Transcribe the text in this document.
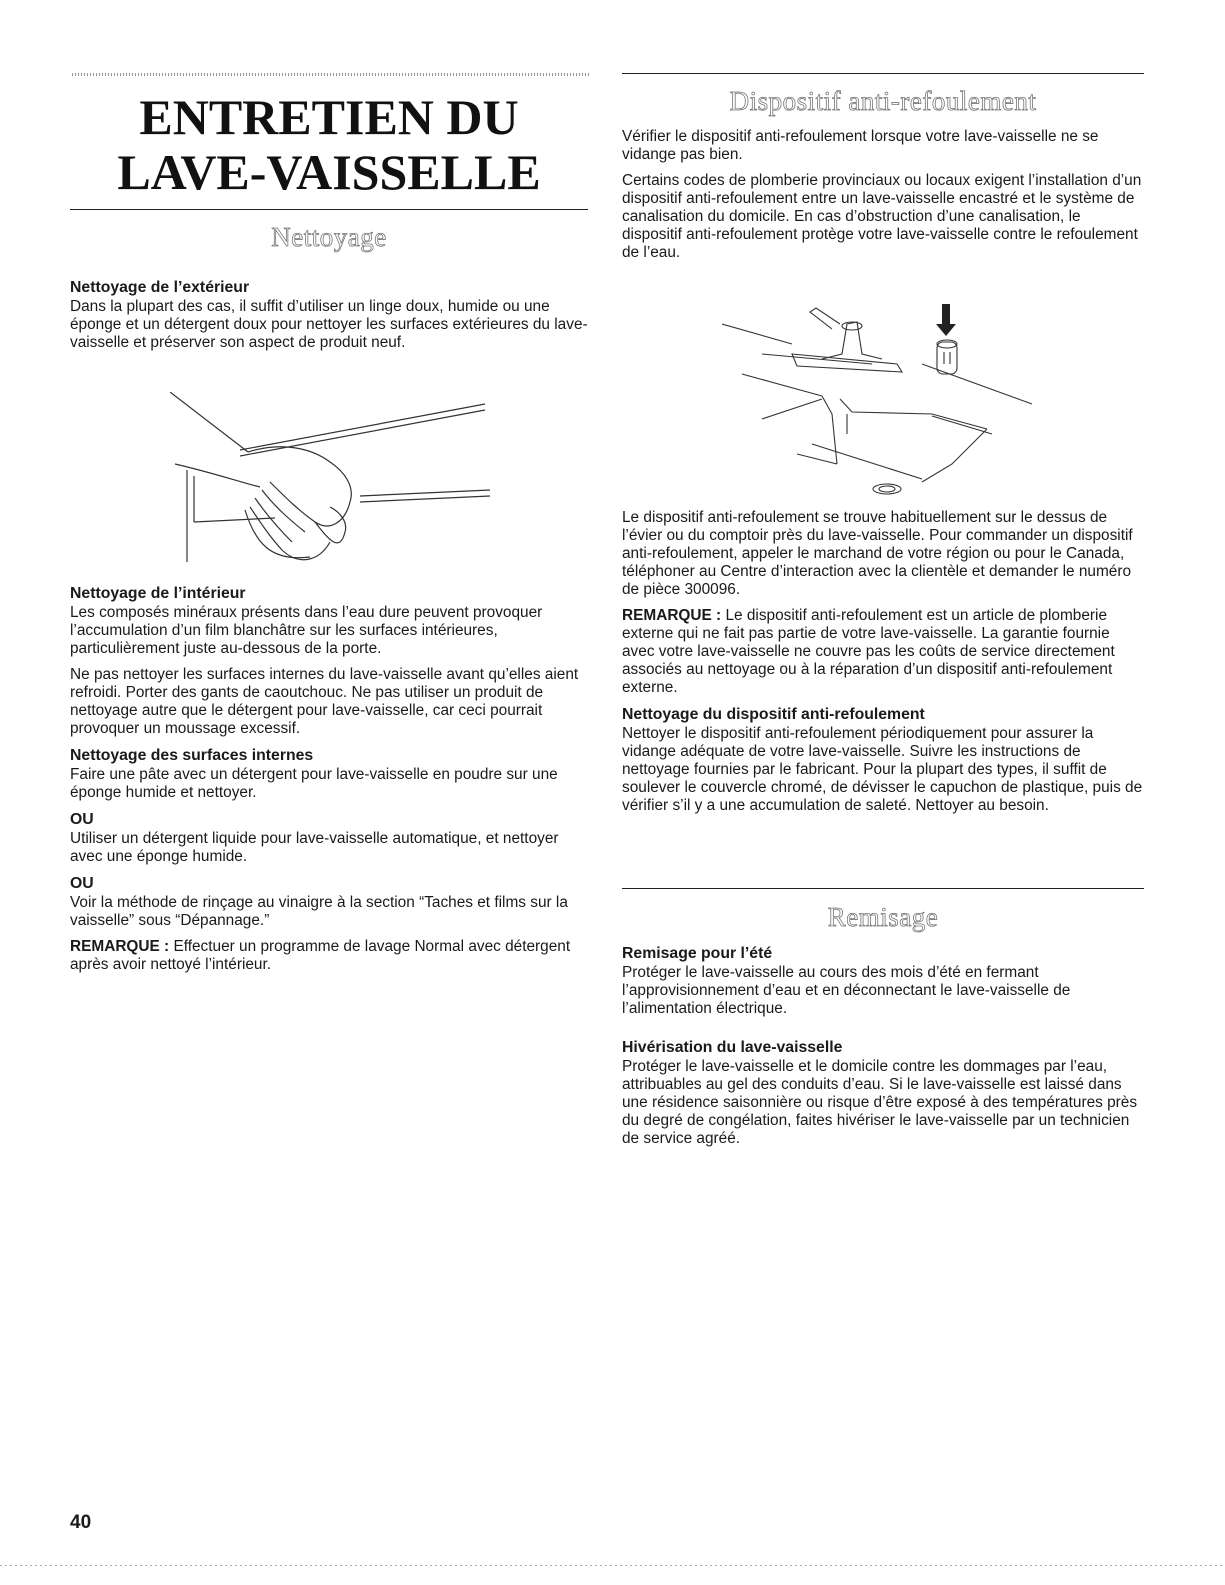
ENTRETIEN DU
LAVE-VAISSELLE
Nettoyage
Nettoyage de l’extérieur

Dans la plupart des cas, il suffit d’utiliser un linge doux, humide ou une éponge et un détergent doux pour nettoyer les surfaces extérieures du lave-vaisselle et préserver son aspect de produit neuf.

Nettoyage de l’intérieur

Les composés minéraux présents dans l’eau dure peuvent provoquer l’accumulation d’un film blanchâtre sur les surfaces intérieures, particulièrement juste au-dessous de la porte.

Ne pas nettoyer les surfaces internes du lave-vaisselle avant qu’elles aient refroidi. Porter des gants de caoutchouc. Ne pas utiliser un produit de nettoyage autre que le détergent pour lave-vaisselle, car ceci pourrait provoquer un moussage excessif.

Nettoyage des surfaces internes

Faire une pâte avec un détergent pour lave-vaisselle en poudre sur une éponge humide et nettoyer.

OU

Utiliser un détergent liquide pour lave-vaisselle automatique, et nettoyer avec une éponge humide.

OU

Voir la méthode de rinçage au vinaigre à la section “Taches et films sur la vaisselle” sous “Dépannage.”

REMARQUE : Effectuer un programme de lavage Normal avec détergent après avoir nettoyé l’intérieur.

Dispositif anti-refoulement

Vérifier le dispositif anti-refoulement lorsque votre lave-vaisselle ne se vidange pas bien.

Certains codes de plomberie provinciaux ou locaux exigent l’installation d’un dispositif anti-refoulement entre un lave-vaisselle encastré et le système de canalisation du domicile. En cas d’obstruction d’une canalisation, le dispositif anti-refoulement protège votre lave-vaisselle contre le refoulement de l’eau.

Le dispositif anti-refoulement se trouve habituellement sur le dessus de l’évier ou du comptoir près du lave-vaisselle. Pour commander un dispositif anti-refoulement, appeler le marchand de votre région ou pour le Canada, téléphoner au Centre d’interaction avec la clientèle et demander le numéro de pièce 300096.

REMARQUE : Le dispositif anti-refoulement est un article de plomberie externe qui ne fait pas partie de votre lave-vaisselle. La garantie fournie avec votre lave-vaisselle ne couvre pas les coûts de service directement associés au nettoyage ou à la réparation d’un dispositif anti-refoulement externe.

Nettoyage du dispositif anti-refoulement

Nettoyer le dispositif anti-refoulement périodiquement pour assurer la vidange adéquate de votre lave-vaisselle. Suivre les instructions de nettoyage fournies par le fabricant. Pour la plupart des types, il suffit de soulever le couvercle chromé, de dévisser le capuchon de plastique, puis de vérifier s’il y a une accumulation de saleté. Nettoyer au besoin.

Remisage
Remisage pour l’été

Protéger le lave-vaisselle au cours des mois d’été en fermant l’approvisionnement d’eau et en déconnectant le lave-vaisselle de l’alimentation électrique.

Hivérisation du lave-vaisselle

Protéger le lave-vaisselle et le domicile contre les dommages par l’eau, attribuables au gel des conduits d’eau. Si le lave-vaisselle est laissé dans une résidence saisonnière ou risque d’être exposé à des températures près du degré de congélation, faites hivériser le lave-vaisselle par un technicien de service agréé.

40
